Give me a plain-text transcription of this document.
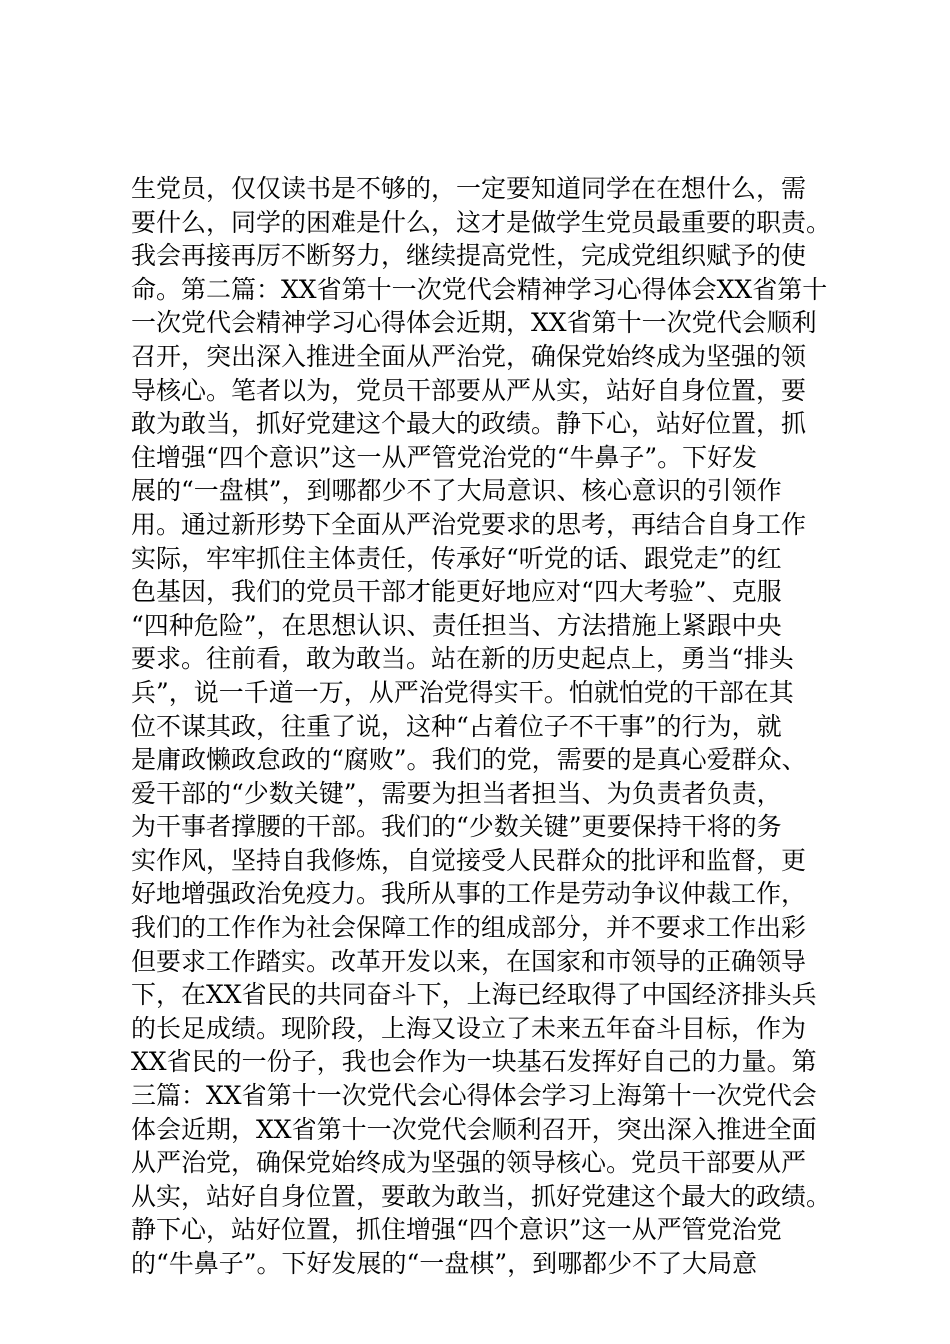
生党员，仅仅读书是不够的，一定要知道同学在在想什么，需
要什么，同学的困难是什么，这才是做学生党员最重要的职责。
我会再接再厉不断努力，继续提高党性，完成党组织赋予的使
命。第二篇：XX省第十一次党代会精神学习心得体会XX省第十
一次党代会精神学习心得体会近期，XX省第十一次党代会顺利
召开，突出深入推进全面从严治党，确保党始终成为坚强的领
导核心。笔者以为，党员干部要从严从实，站好自身位置，要
敢为敢当，抓好党建这个最大的政绩。静下心，站好位置，抓
住增强“四个意识”这一从严管党治党的“牛鼻子”。下好发
展的“一盘棋”，到哪都少不了大局意识、核心意识的引领作
用。通过新形势下全面从严治党要求的思考，再结合自身工作
实际，牢牢抓住主体责任，传承好“听党的话、跟党走”的红
色基因，我们的党员干部才能更好地应对“四大考验”、克服
“四种危险”，在思想认识、责任担当、方法措施上紧跟中央
要求。往前看，敢为敢当。站在新的历史起点上，勇当“排头
兵”，说一千道一万，从严治党得实干。怕就怕党的干部在其
位不谋其政，往重了说，这种“占着位子不干事”的行为，就
是庸政懒政怠政的“腐败”。我们的党，需要的是真心爱群众、
爱干部的“少数关键”，需要为担当者担当、为负责者负责，
为干事者撑腰的干部。我们的“少数关键”更要保持干将的务
实作风，坚持自我修炼，自觉接受人民群众的批评和监督，更
好地增强政治免疫力。我所从事的工作是劳动争议仲裁工作，
我们的工作作为社会保障工作的组成部分，并不要求工作出彩
但要求工作踏实。改革开发以来，在国家和市领导的正确领导
下，在XX省民的共同奋斗下，上海已经取得了中国经济排头兵
的长足成绩。现阶段，上海又设立了未来五年奋斗目标，作为
XX省民的一份子，我也会作为一块基石发挥好自己的力量。第
三篇：XX省第十一次党代会心得体会学习上海第十一次党代会
体会近期，XX省第十一次党代会顺利召开，突出深入推进全面
从严治党，确保党始终成为坚强的领导核心。党员干部要从严
从实，站好自身位置，要敢为敢当，抓好党建这个最大的政绩。
静下心，站好位置，抓住增强“四个意识”这一从严管党治党
的“牛鼻子”。下好发展的“一盘棋”，到哪都少不了大局意
